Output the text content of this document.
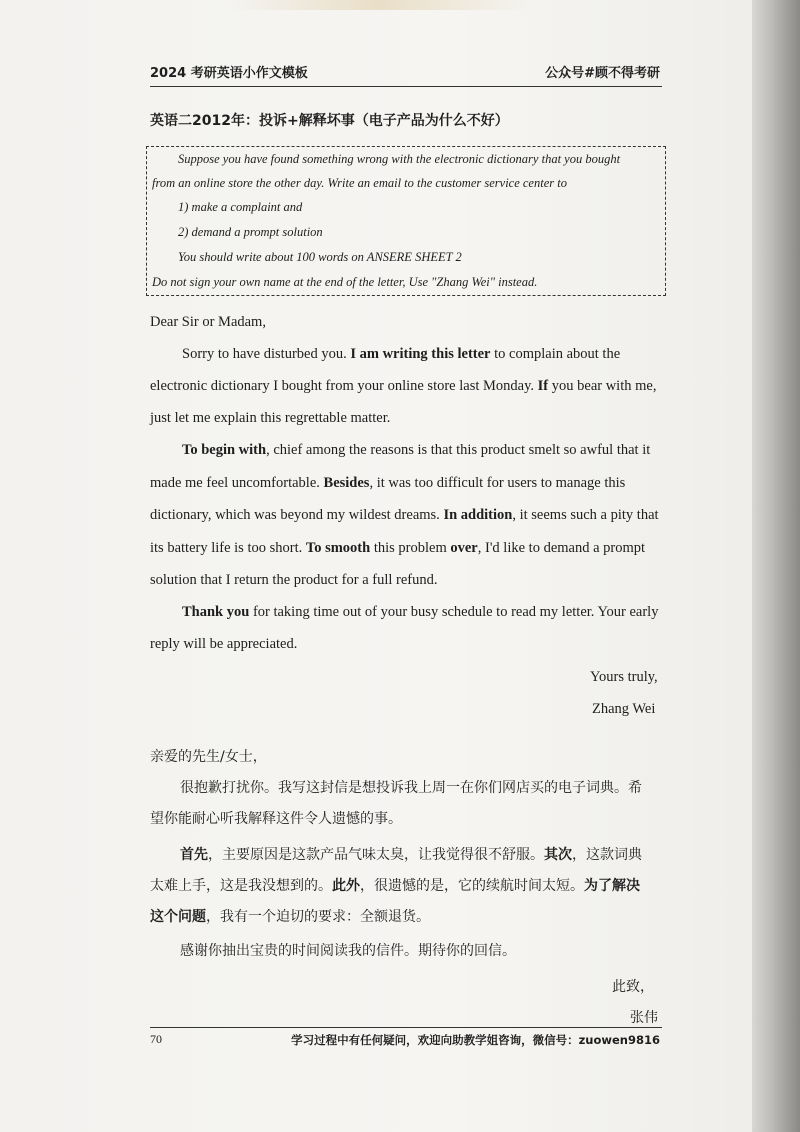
2024 考研英语小作文模板	公众号#顾不得考研
英语二2012年：投诉+解释坏事（电子产品为什么不好）
Suppose you have found something wrong with the electronic dictionary that you bought
from an online store the other day. Write an email to the customer service center to
1) make a complaint and
2) demand a prompt solution
You should write about 100 words on ANSERE SHEET 2
Do not sign your own name at the end of the letter, Use "Zhang Wei" instead.
Dear Sir or Madam,
Sorry to have disturbed you. I am writing this letter to complain about the
electronic dictionary I bought from your online store last Monday. If you bear with me,
just let me explain this regrettable matter.
To begin with, chief among the reasons is that this product smelt so awful that it
made me feel uncomfortable. Besides, it was too difficult for users to manage this
dictionary, which was beyond my wildest dreams. In addition, it seems such a pity that
its battery life is too short. To smooth this problem over, I'd like to demand a prompt
solution that I return the product for a full refund.
Thank you for taking time out of your busy schedule to read my letter. Your early
reply will be appreciated.
Yours truly,
Zhang Wei
亲爱的先生/女士，
很抱歉打扰你。我写这封信是想投诉我上周一在你们网店买的电子词典。希
望你能耐心听我解释这件令人遗憾的事。
首先，主要原因是这款产品气味太臭，让我觉得很不舒服。其次，这款词典
太难上手，这是我没想到的。此外，很遗憾的是，它的续航时间太短。为了解决
这个问题，我有一个迫切的要求：全额退货。
感谢你抽出宝贵的时间阅读我的信件。期待你的回信。
此致，
张伟
70	学习过程中有任何疑问，欢迎向助教学姐咨询，微信号：zuowen9816
